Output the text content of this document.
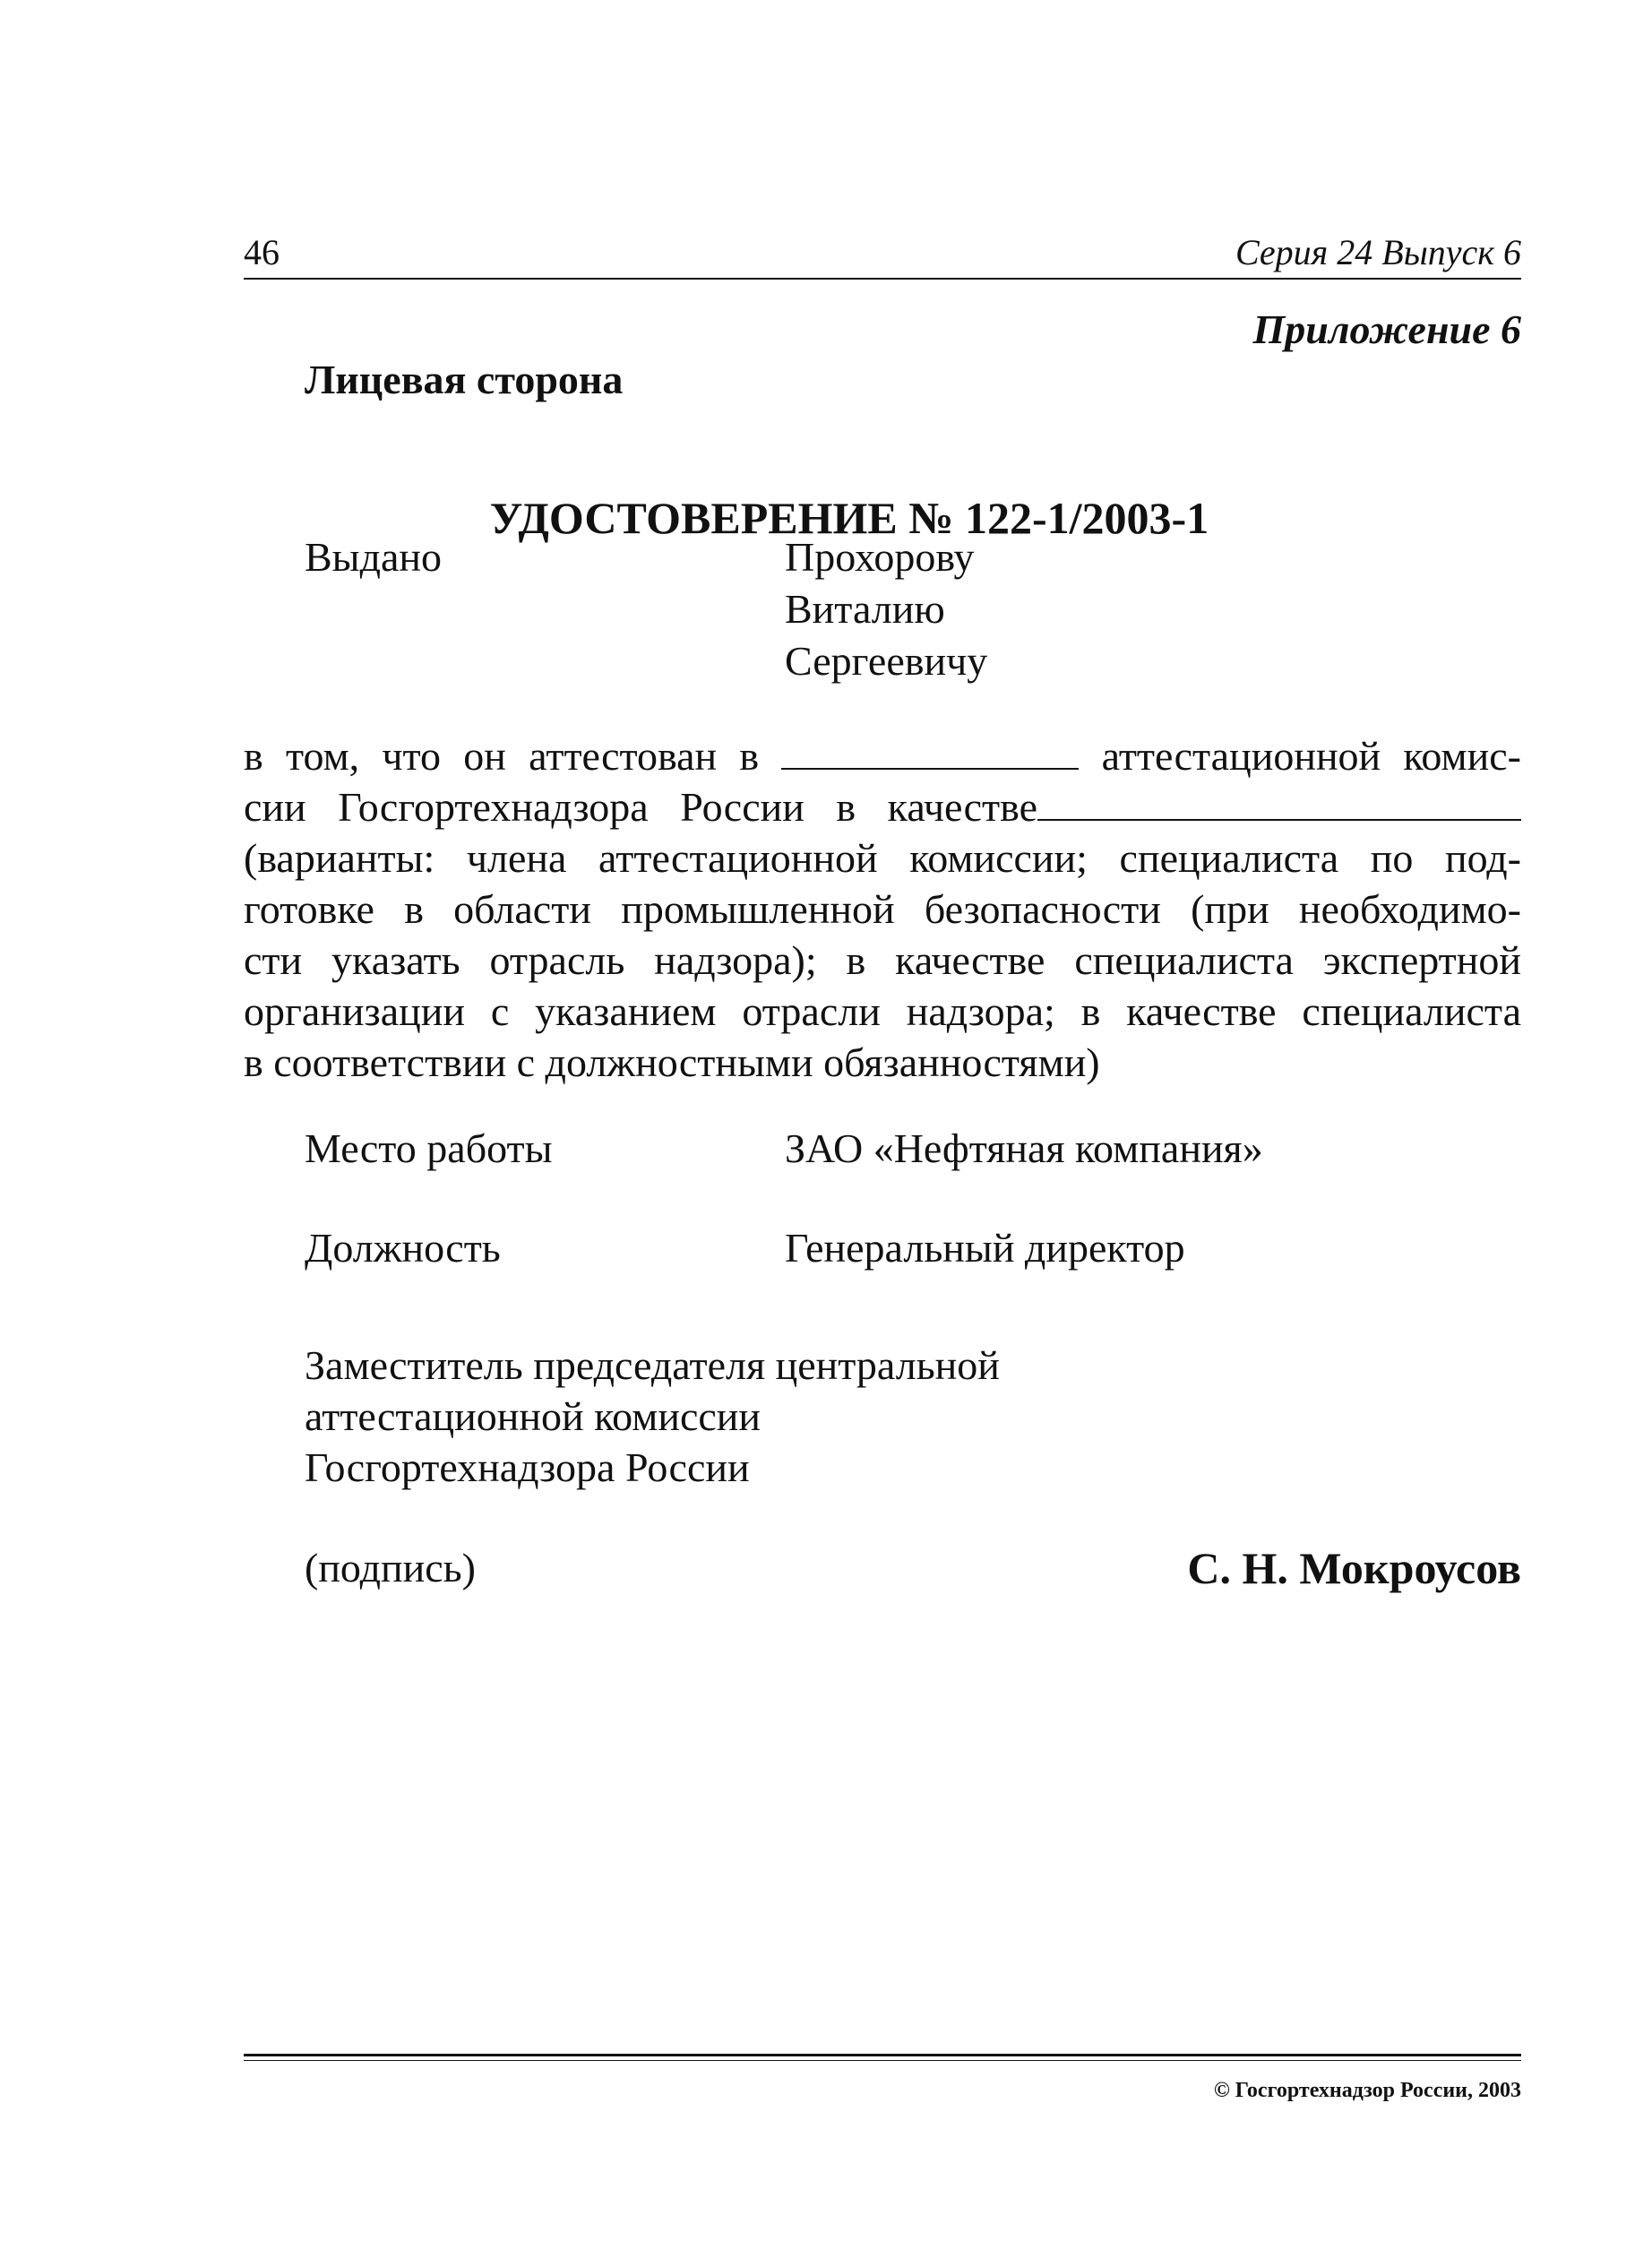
46	Серия 24 Выпуск 6
Приложение 6
Лицевая сторона
УДОСТОВЕРЕНИЕ № 122-1/2003-1
Выдано	Прохорову
Виталию
Сергеевичу
в том, что он аттестован в	аттестационной комис-
сии Госгортехнадзора России в качестве
(варианты: члена аттестационной комиссии; специалиста по под-
готовке в области промышленной безопасности (при необходимо-
сти указать отрасль надзора); в качестве специалиста экспертной
организации с указанием отрасли надзора; в качестве специалиста
в соответствии с должностными обязанностями)
Место работы	ЗАО «Нефтяная компания»
Должность	Генеральный директор
Заместитель председателя центральной
аттестационной комиссии
Госгортехнадзора России
(подпись)	С. Н. Мокроусов
© Госгортехнадзор России, 2003
